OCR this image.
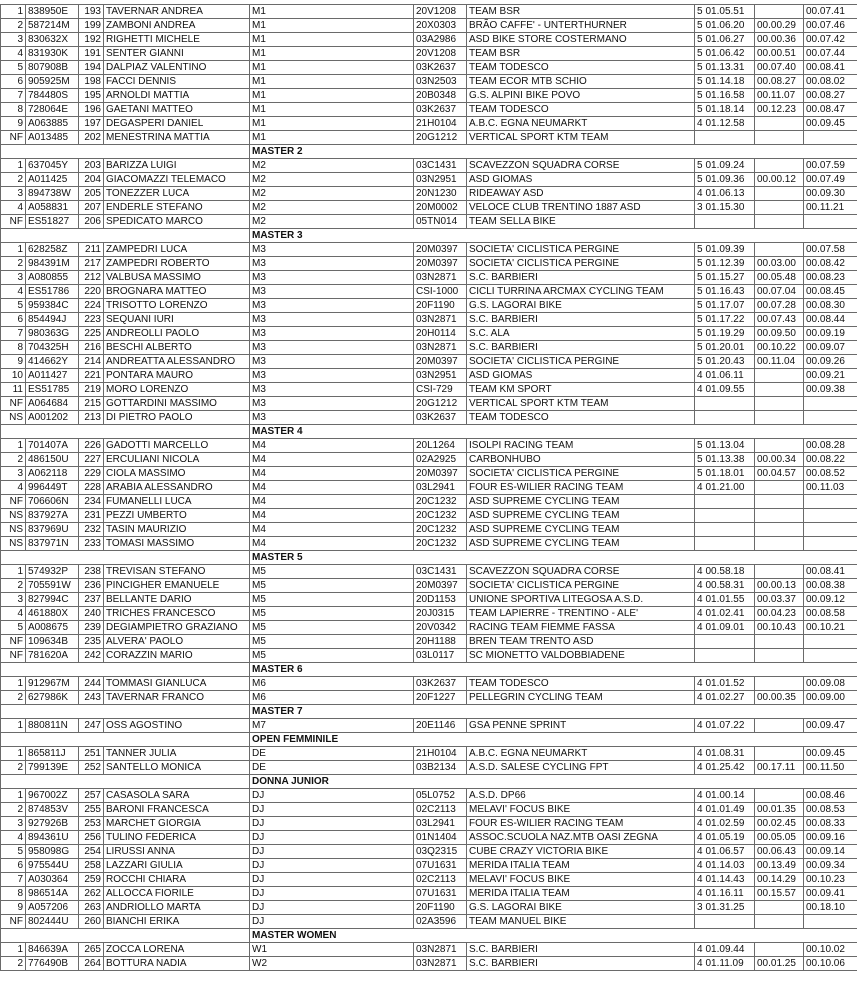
1	838950E	193	TAVERNAR ANDREA	M1	20V1208	TEAM BSR	5	01.05.51		00.07.41
2	587214M	199	ZAMBONI ANDREA	M1	20X0303	BRÃO CAFFE' - UNTERTHURNER	5	01.06.20	00.00.29	00.07.46
3	830632X	192	RIGHETTI MICHELE	M1	03A2986	ASD BIKE STORE COSTERMANO	5	01.06.27	00.00.36	00.07.42
4	831930K	191	SENTER GIANNI	M1	20V1208	TEAM BSR	5	01.06.42	00.00.51	00.07.44
5	807908B	194	DALPIAZ VALENTINO	M1	03K2637	TEAM TODESCO	5	01.13.31	00.07.40	00.08.41
6	905925M	198	FACCI DENNIS	M1	03N2503	TEAM ECOR MTB SCHIO	5	01.14.18	00.08.27	00.08.02
7	784480S	195	ARNOLDI MATTIA	M1	20B0348	G.S. ALPINI BIKE POVO	5	01.16.58	00.11.07	00.08.27
8	728064E	196	GAETANI MATTEO	M1	03K2637	TEAM TODESCO	5	01.18.14	00.12.23	00.08.47
9	A063885	197	DEGASPERI DANIEL	M1	21H0104	A.B.C. EGNA NEUMARKT	4	01.12.58		00.09.45
NF	A013485	202	MENESTRINA MATTIA	M1	20G1212	VERTICAL SPORT KTM TEAM				
				MASTER 2						
1	637045Y	203	BARIZZA LUIGI	M2	03C1431	SCAVEZZON SQUADRA CORSE	5	01.09.24		00.07.59
2	A011425	204	GIACOMAZZI TELEMACO	M2	03N2951	ASD GIOMAS	5	01.09.36	00.00.12	00.07.49
3	894738W	205	TONEZZER LUCA	M2	20N1230	RIDEAWAY ASD	4	01.06.13		00.09.30
4	A058831	207	ENDERLE STEFANO	M2	20M0002	VELOCE CLUB TRENTINO 1887 ASD	3	01.15.30		00.11.21
NF	ES51827	206	SPEDICATO MARCO	M2	05TN014	TEAM SELLA BIKE				
				MASTER 3						
1	628258Z	211	ZAMPEDRI LUCA	M3	20M0397	SOCIETA' CICLISTICA PERGINE	5	01.09.39		00.07.58
2	984391M	217	ZAMPEDRI ROBERTO	M3	20M0397	SOCIETA' CICLISTICA PERGINE	5	01.12.39	00.03.00	00.08.42
3	A080855	212	VALBUSA MASSIMO	M3	03N2871	S.C. BARBIERI	5	01.15.27	00.05.48	00.08.23
4	ES51786	220	BROGNARA MATTEO	M3	CSI-1000	CICLI TURRINA ARCMAX CYCLING TEAM	5	01.16.43	00.07.04	00.08.45
5	959384C	224	TRISOTTO LORENZO	M3	20F1190	G.S. LAGORAI BIKE	5	01.17.07	00.07.28	00.08.30
6	854494J	223	SEQUANI IURI	M3	03N2871	S.C. BARBIERI	5	01.17.22	00.07.43	00.08.44
7	980363G	225	ANDREOLLI PAOLO	M3	20H0114	S.C. ALA	5	01.19.29	00.09.50	00.09.19
8	704325H	216	BESCHI ALBERTO	M3	03N2871	S.C. BARBIERI	5	01.20.01	00.10.22	00.09.07
9	414662Y	214	ANDREATTA ALESSANDRO	M3	20M0397	SOCIETA' CICLISTICA PERGINE	5	01.20.43	00.11.04	00.09.26
10	A011427	221	PONTARA MAURO	M3	03N2951	ASD GIOMAS	4	01.06.11		00.09.21
11	ES51785	219	MORO LORENZO	M3	CSI-729	TEAM KM SPORT	4	01.09.55		00.09.38
NF	A064684	215	GOTTARDINI MASSIMO	M3	20G1212	VERTICAL SPORT KTM TEAM				
NS	A001202	213	DI PIETRO PAOLO	M3	03K2637	TEAM TODESCO				
				MASTER 4						
1	701407A	226	GADOTTI MARCELLO	M4	20L1264	ISOLPI RACING TEAM	5	01.13.04		00.08.28
2	486150U	227	ERCULIANI NICOLA	M4	02A2925	CARBONHUBO	5	01.13.38	00.00.34	00.08.22
3	A062118	229	CIOLA MASSIMO	M4	20M0397	SOCIETA' CICLISTICA PERGINE	5	01.18.01	00.04.57	00.08.52
4	996449T	228	ARABIA ALESSANDRO	M4	03L2941	FOUR ES-WILIER RACING TEAM	4	01.21.00		00.11.03
NF	706606N	234	FUMANELLI LUCA	M4	20C1232	ASD SUPREME CYCLING TEAM				
NS	837927A	231	PEZZI UMBERTO	M4	20C1232	ASD SUPREME CYCLING TEAM				
NS	837969U	232	TASIN MAURIZIO	M4	20C1232	ASD SUPREME CYCLING TEAM				
NS	837971N	233	TOMASI MASSIMO	M4	20C1232	ASD SUPREME CYCLING TEAM				
				MASTER 5						
1	574932P	238	TREVISAN STEFANO	M5	03C1431	SCAVEZZON SQUADRA CORSE	4	00.58.18		00.08.41
2	705591W	236	PINCIGHER EMANUELE	M5	20M0397	SOCIETA' CICLISTICA PERGINE	4	00.58.31	00.00.13	00.08.38
3	827994C	237	BELLANTE DARIO	M5	20D1153	UNIONE SPORTIVA LITEGOSA A.S.D.	4	01.01.55	00.03.37	00.09.12
4	461880X	240	TRICHES FRANCESCO	M5	20J0315	TEAM LAPIERRE - TRENTINO - ALE'	4	01.02.41	00.04.23	00.08.58
5	A008675	239	DEGIAMPIETRO GRAZIANO	M5	20V0342	RACING TEAM FIEMME FASSA	4	01.09.01	00.10.43	00.10.21
NF	109634B	235	ALVERA' PAOLO	M5	20H1188	BREN TEAM TRENTO ASD				
NF	781620A	242	CORAZZIN MARIO	M5	03L0117	SC MIONETTO VALDOBBIADENE				
				MASTER 6						
1	912967M	244	TOMMASI GIANLUCA	M6	03K2637	TEAM TODESCO	4	01.01.52		00.09.08
2	627986K	243	TAVERNAR FRANCO	M6	20F1227	PELLEGRIN CYCLING TEAM	4	01.02.27	00.00.35	00.09.00
				MASTER 7						
1	880811N	247	OSS AGOSTINO	M7	20E1146	GSA PENNE SPRINT	4	01.07.22		00.09.47
				OPEN FEMMINILE						
1	865811J	251	TANNER JULIA	DE	21H0104	A.B.C. EGNA NEUMARKT	4	01.08.31		00.09.45
2	799139E	252	SANTELLO MONICA	DE	03B2134	A.S.D. SALESE CYCLING FPT	4	01.25.42	00.17.11	00.11.50
				DONNA JUNIOR						
1	967002Z	257	CASASOLA SARA	DJ	05L0752	A.S.D. DP66	4	01.00.14		00.08.46
2	874853V	255	BARONI FRANCESCA	DJ	02C2113	MELAVI' FOCUS BIKE	4	01.01.49	00.01.35	00.08.53
3	927926B	253	MARCHET GIORGIA	DJ	03L2941	FOUR ES-WILIER RACING TEAM	4	01.02.59	00.02.45	00.08.33
4	894361U	256	TULINO FEDERICA	DJ	01N1404	ASSOC.SCUOLA NAZ.MTB OASI ZEGNA	4	01.05.19	00.05.05	00.09.16
5	958098G	254	LIRUSSI ANNA	DJ	03Q2315	CUBE CRAZY VICTORIA BIKE	4	01.06.57	00.06.43	00.09.14
6	975544U	258	LAZZARI GIULIA	DJ	07U1631	MERIDA ITALIA TEAM	4	01.14.03	00.13.49	00.09.34
7	A030364	259	ROCCHI CHIARA	DJ	02C2113	MELAVI' FOCUS BIKE	4	01.14.43	00.14.29	00.10.23
8	986514A	262	ALLOCCA FIORILE	DJ	07U1631	MERIDA ITALIA TEAM	4	01.16.11	00.15.57	00.09.41
9	A057206	263	ANDRIOLLO MARTA	DJ	20F1190	G.S. LAGORAI BIKE	3	01.31.25		00.18.10
NF	802444U	260	BIANCHI ERIKA	DJ	02A3596	TEAM MANUEL BIKE				
				MASTER WOMEN						
1	846639A	265	ZOCCA LORENA	W1	03N2871	S.C. BARBIERI	4	01.09.44		00.10.02
2	776490B	264	BOTTURA NADIA	W2	03N2871	S.C. BARBIERI	4	01.11.09	00.01.25	00.10.06
